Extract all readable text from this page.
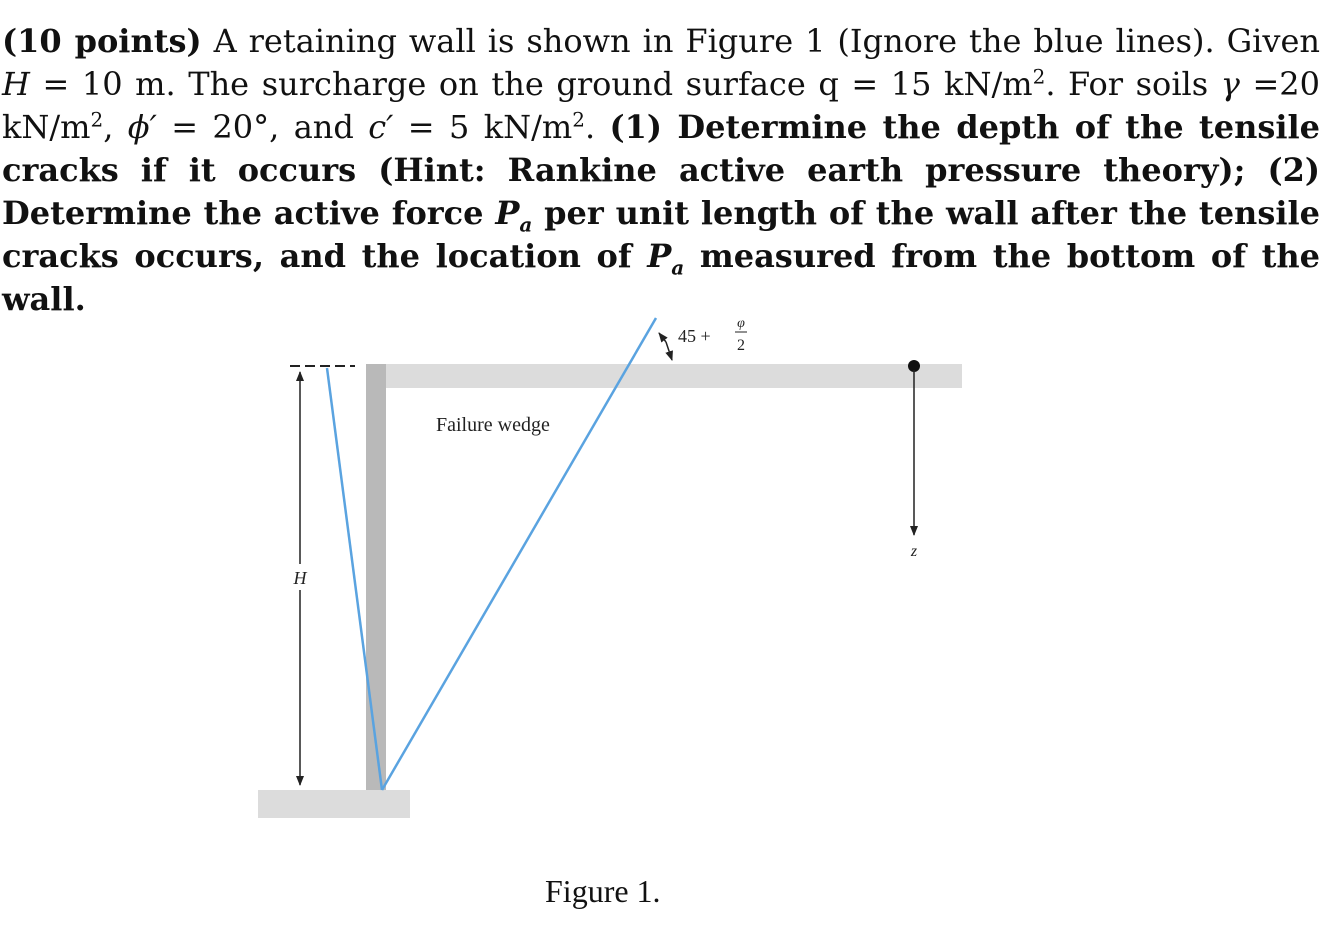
(10 points) A retaining wall is shown in Figure 1 (Ignore the blue lines). Given H = 10 m. The surcharge on the ground surface q = 15 $kN/m^2$. For soils γ =20 $kN/m^2$, ϕ′ = 20°, and c′ = 5 $kN/m^2$. (1) Determine the depth of the tensile cracks if it occurs (Hint: Rankine active earth pressure theory); (2) Determine the active force $P_a$ per unit length of the wall after the tensile cracks occurs, and the location of $P_a$ measured from the bottom of the wall.
H
z
45 +
φ
2
Failure wedge
Figure 1.
